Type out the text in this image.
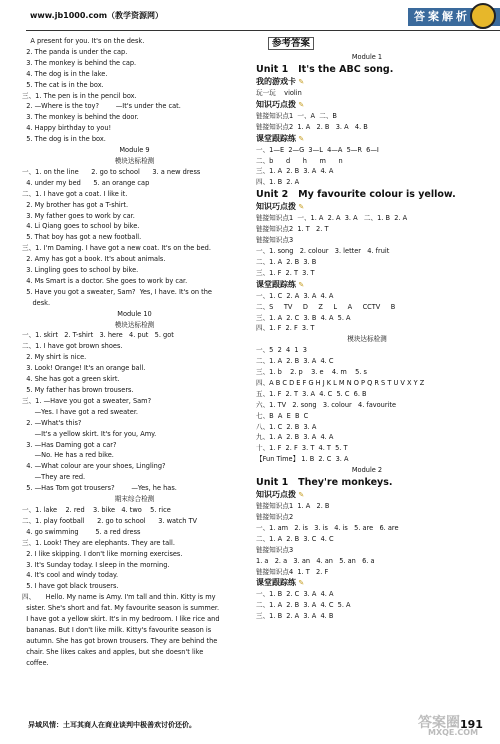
www.jb1000.com（教学资源网）	答案解析
A present for you. It's on the desk.
2. The panda is under the cap.
3. The monkey is behind the cap.
4. The dog is in the lake.
5. The cat is in the box.
三、1. The pen is in the pencil box.
2. —Where is the toy?        —It's under the cat.
3. The monkey is behind the door.
4. Happy birthday to you!
5. The dog is in the box.
Module 9
模块达标检测
一、1. on the line      2. go to school      3. a new dress
4. under my bed      5. an orange cap
二、1. I have got a coat. I like it.
2. My brother has got a T-shirt.
3. My father goes to work by car.
4. Li Qiang goes to school by bike.
5. That boy has got a new football.
三、1. I'm Daming. I have got a new coat. It's on the bed.
2. Amy has got a book. It's about animals.
3. Lingling goes to school by bike.
4. Ms Smart is a doctor. She goes to work by car.
5. Have you got a sweater, Sam?  Yes, I have. It's on the
desk.
Module 10
模块达标检测
一、1. skirt   2. T-shirt   3. here   4. put   5. got
二、1. I have got brown shoes.
2. My shirt is nice.
3. Look! Orange! It's an orange ball.
4. She has got a green skirt.
5. My father has brown trousers.
三、1. —Have you got a sweater, Sam?
—Yes. I have got a red sweater.
2. —What's this?
—It's a yellow skirt. It's for you, Amy.
3. —Has Daming got a car?
—No. He has a red bike.
4. —What colour are your shoes, Lingling?
—They are red.
5. —Has Tom got trousers?        —Yes, he has.
期末综合检测
一、1. lake    2. red    3. bike   4. two    5. rice
二、1. play football      2. go to school      3. watch TV
4. go swimming        5. a red dress
三、1. Look! They are elephants. They are tall.
2. I like skipping. I don't like morning exercises.
3. It's Sunday today. I sleep in the morning.
4. It's cool and windy today.
5. I have got black trousers.
四、     Hello. My name is Amy. I'm tall and thin. Kitty is my
sister. She's short and fat. My favourite season is summer.
I have got a yellow skirt. It's in my bedroom. I like rice and
bananas. But I don't like milk. Kitty's favourite season is
autumn. She has got brown trousers. They are behind the
chair. She likes cakes and apples, but she doesn't like
coffee.
参考答案
Module 1
Unit 1   It's the ABC song.
我的游戏卡 ✎
玩一玩    violin
知识巧点拨 ✎
链接知识点1  一、A  二、B
链接知识点2  1. A   2. B   3. A   4. B
课堂跟踪练 ✎
一、1—E  2—G  3—L  4—A  5—R  6—I
二、b      d      h      m      n
三、1. A  2. B  3. A  4. A
四、1. B  2. A
Unit 2   My favourite colour is yellow.
知识巧点拨 ✎
链接知识点1  一、1. A  2. A  3. A   二、1. B  2. A
链接知识点2  1. T   2. T
链接知识点3
一、1. song   2. colour   3. letter   4. fruit
二、1. A  2. B  3. B
三、1. F  2. T  3. T
课堂跟踪练 ✎
一、1. C  2. A  3. A  4. A
二、S     TV     D     Z     L     A     CCTV     B
三、1. A  2. C  3. B  4. A  5. A
四、1. F  2. F  3. T
模块达标检测
一、5  2  4  1  3
二、1. A  2. B  3. A  4. C
三、1. b    2. p    3. e    4. m    5. s
四、A B C D E F G H J K L M N O P Q R S T U V X Y Z
五、1. F  2. T  3. A  4. C  5. C  6. B
六、1. TV   2. song   3. colour   4. favourite
七、B  A  E  B  C
八、1. C  2. B  3. A
九、1. A  2. B  3. A  4. A
十、1. F  2. F  3. T  4. T  5. T
【Fun Time】 1. B  2. C  3. A
Module 2
Unit 1   They're monkeys.
知识巧点拨 ✎
链接知识点1  1. A   2. B
链接知识点2
一、1. am   2. is   3. is   4. is   5. are   6. are
二、1. A  2. B  3. C  4. C
链接知识点3
1. a   2. a   3. an   4. an   5. an   6. a
链接知识点4  1. T   2. F
课堂跟踪练 ✎
一、1. B  2. C  3. A  4. A
二、1. A  2. B  3. A  4. C  5. A
三、1. B  2. A  3. A  4. B
异域风情：土耳其商人在商业谈判中极善欢讨价还价。	答案圈
MXQE.COM
191
